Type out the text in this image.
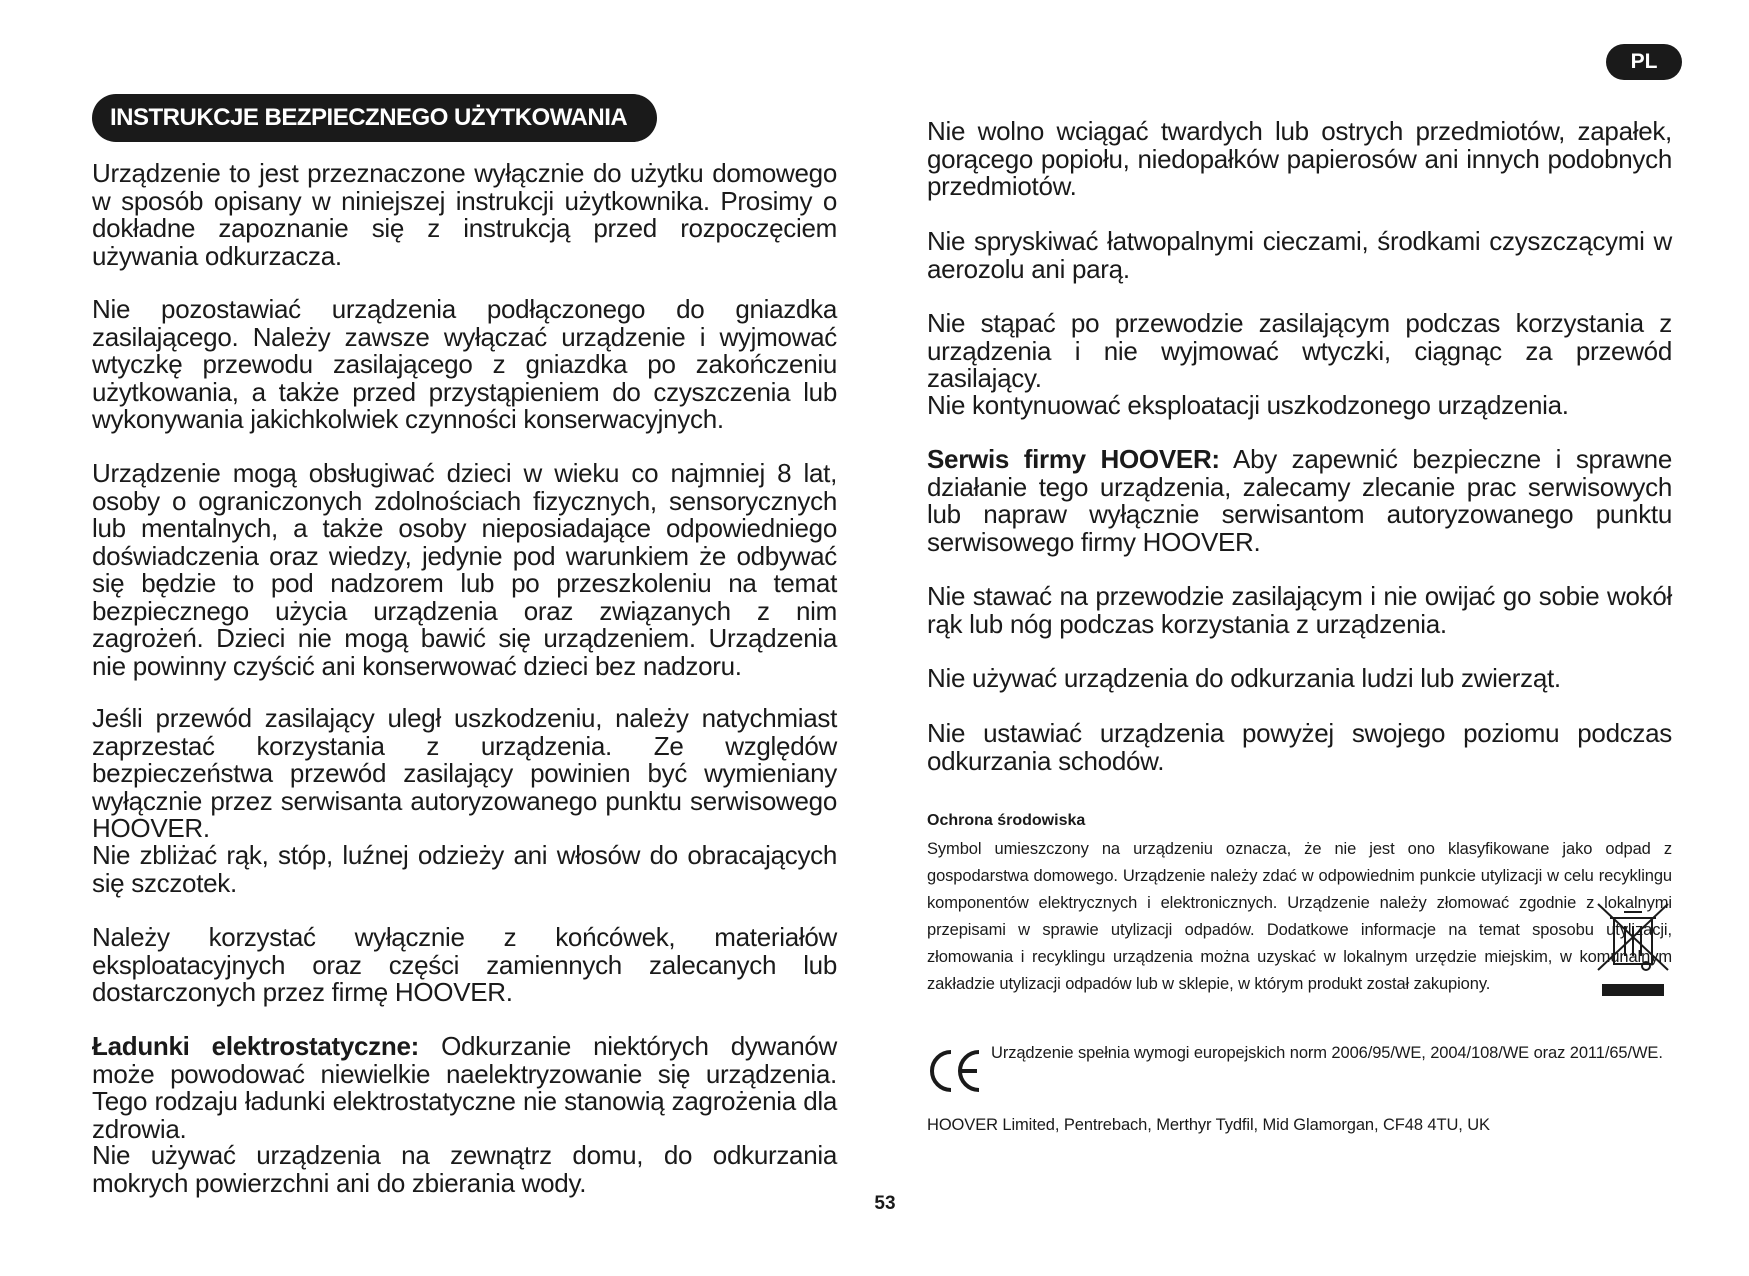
PL
INSTRUKCJE BEZPIECZNEGO UŻYTKOWANIA

Urządzenie to jest przeznaczone wyłącznie do użytku domowego w sposób opisany w niniejszej instrukcji użytkownika. Prosimy o dokładne zapoznanie się z instrukcją przed rozpoczęciem używania odkurzacza.

Nie pozostawiać urządzenia podłączonego do gniazdka zasilającego. Należy zawsze wyłączać urządzenie i wyjmować wtyczkę przewodu zasilającego z gniazdka po zakończeniu użytkowania, a także przed przystąpieniem do czyszczenia lub wykonywania jakichkolwiek czynności konserwacyjnych.

Urządzenie mogą obsługiwać dzieci w wieku co najmniej 8 lat, osoby o ograniczonych zdolnościach fizycznych, sensorycznych lub mentalnych, a także osoby nieposiadające odpowiedniego doświadczenia oraz wiedzy, jedynie pod warunkiem że odbywać się będzie to pod nadzorem lub po przeszkoleniu na temat bezpiecznego użycia urządzenia oraz związanych z nim zagrożeń. Dzieci nie mogą bawić się urządzeniem. Urządzenia nie powinny czyścić ani konserwować dzieci bez nadzoru.

Jeśli przewód zasilający uległ uszkodzeniu, należy natychmiast zaprzestać korzystania z urządzenia. Ze względów bezpieczeństwa przewód zasilający powinien być wymieniany wyłącznie przez serwisanta autoryzowanego punktu serwisowego HOOVER.

Nie zbliżać rąk, stóp, luźnej odzieży ani włosów do obracających się szczotek.

Należy korzystać wyłącznie z końcówek, materiałów eksploatacyjnych oraz części zamiennych zalecanych lub dostarczonych przez firmę HOOVER.

Ładunki elektrostatyczne: Odkurzanie niektórych dywanów może powodować niewielkie naelektryzowanie się urządzenia. Tego rodzaju ładunki elektrostatyczne nie stanowią zagrożenia dla zdrowia.

Nie używać urządzenia na zewnątrz domu, do odkurzania mokrych powierzchni ani do zbierania wody.

Nie wolno wciągać twardych lub ostrych przedmiotów, zapałek, gorącego popiołu, niedopałków papierosów ani innych podobnych przedmiotów.

Nie spryskiwać łatwopalnymi cieczami, środkami czyszczącymi w aerozolu ani parą.

Nie stąpać po przewodzie zasilającym podczas korzystania z urządzenia i nie wyjmować wtyczki, ciągnąc za przewód zasilający.

Nie kontynuować eksploatacji uszkodzonego urządzenia.

Serwis firmy HOOVER: Aby zapewnić bezpieczne i sprawne działanie tego urządzenia, zalecamy zlecanie prac serwisowych lub napraw wyłącznie serwisantom autoryzowanego punktu serwisowego firmy HOOVER.

Nie stawać na przewodzie zasilającym i nie owijać go sobie wokół rąk lub nóg podczas korzystania z urządzenia.

Nie używać urządzenia do odkurzania ludzi lub zwierząt.

Nie ustawiać urządzenia powyżej swojego poziomu podczas odkurzania schodów.

Ochrona środowiska

Symbol umieszczony na urządzeniu oznacza, że nie jest ono klasyfikowane jako odpad z gospodarstwa domowego. Urządzenie należy zdać w odpowiednim punkcie utylizacji w celu recyklingu komponentów elektrycznych i elektronicznych. Urządzenie należy złomować zgodnie z lokalnymi przepisami w sprawie utylizacji odpadów. Dodatkowe informacje na temat sposobu utylizacji, złomowania i recyklingu urządzenia można uzyskać w lokalnym urzędzie miejskim, w komunalnym zakładzie utylizacji odpadów lub w sklepie, w którym produkt został zakupiony.

Urządzenie spełnia wymogi europejskich norm 2006/95/WE, 2004/108/WE oraz 2011/65/WE.

HOOVER Limited, Pentrebach, Merthyr Tydfil, Mid Glamorgan, CF48 4TU, UK

53
